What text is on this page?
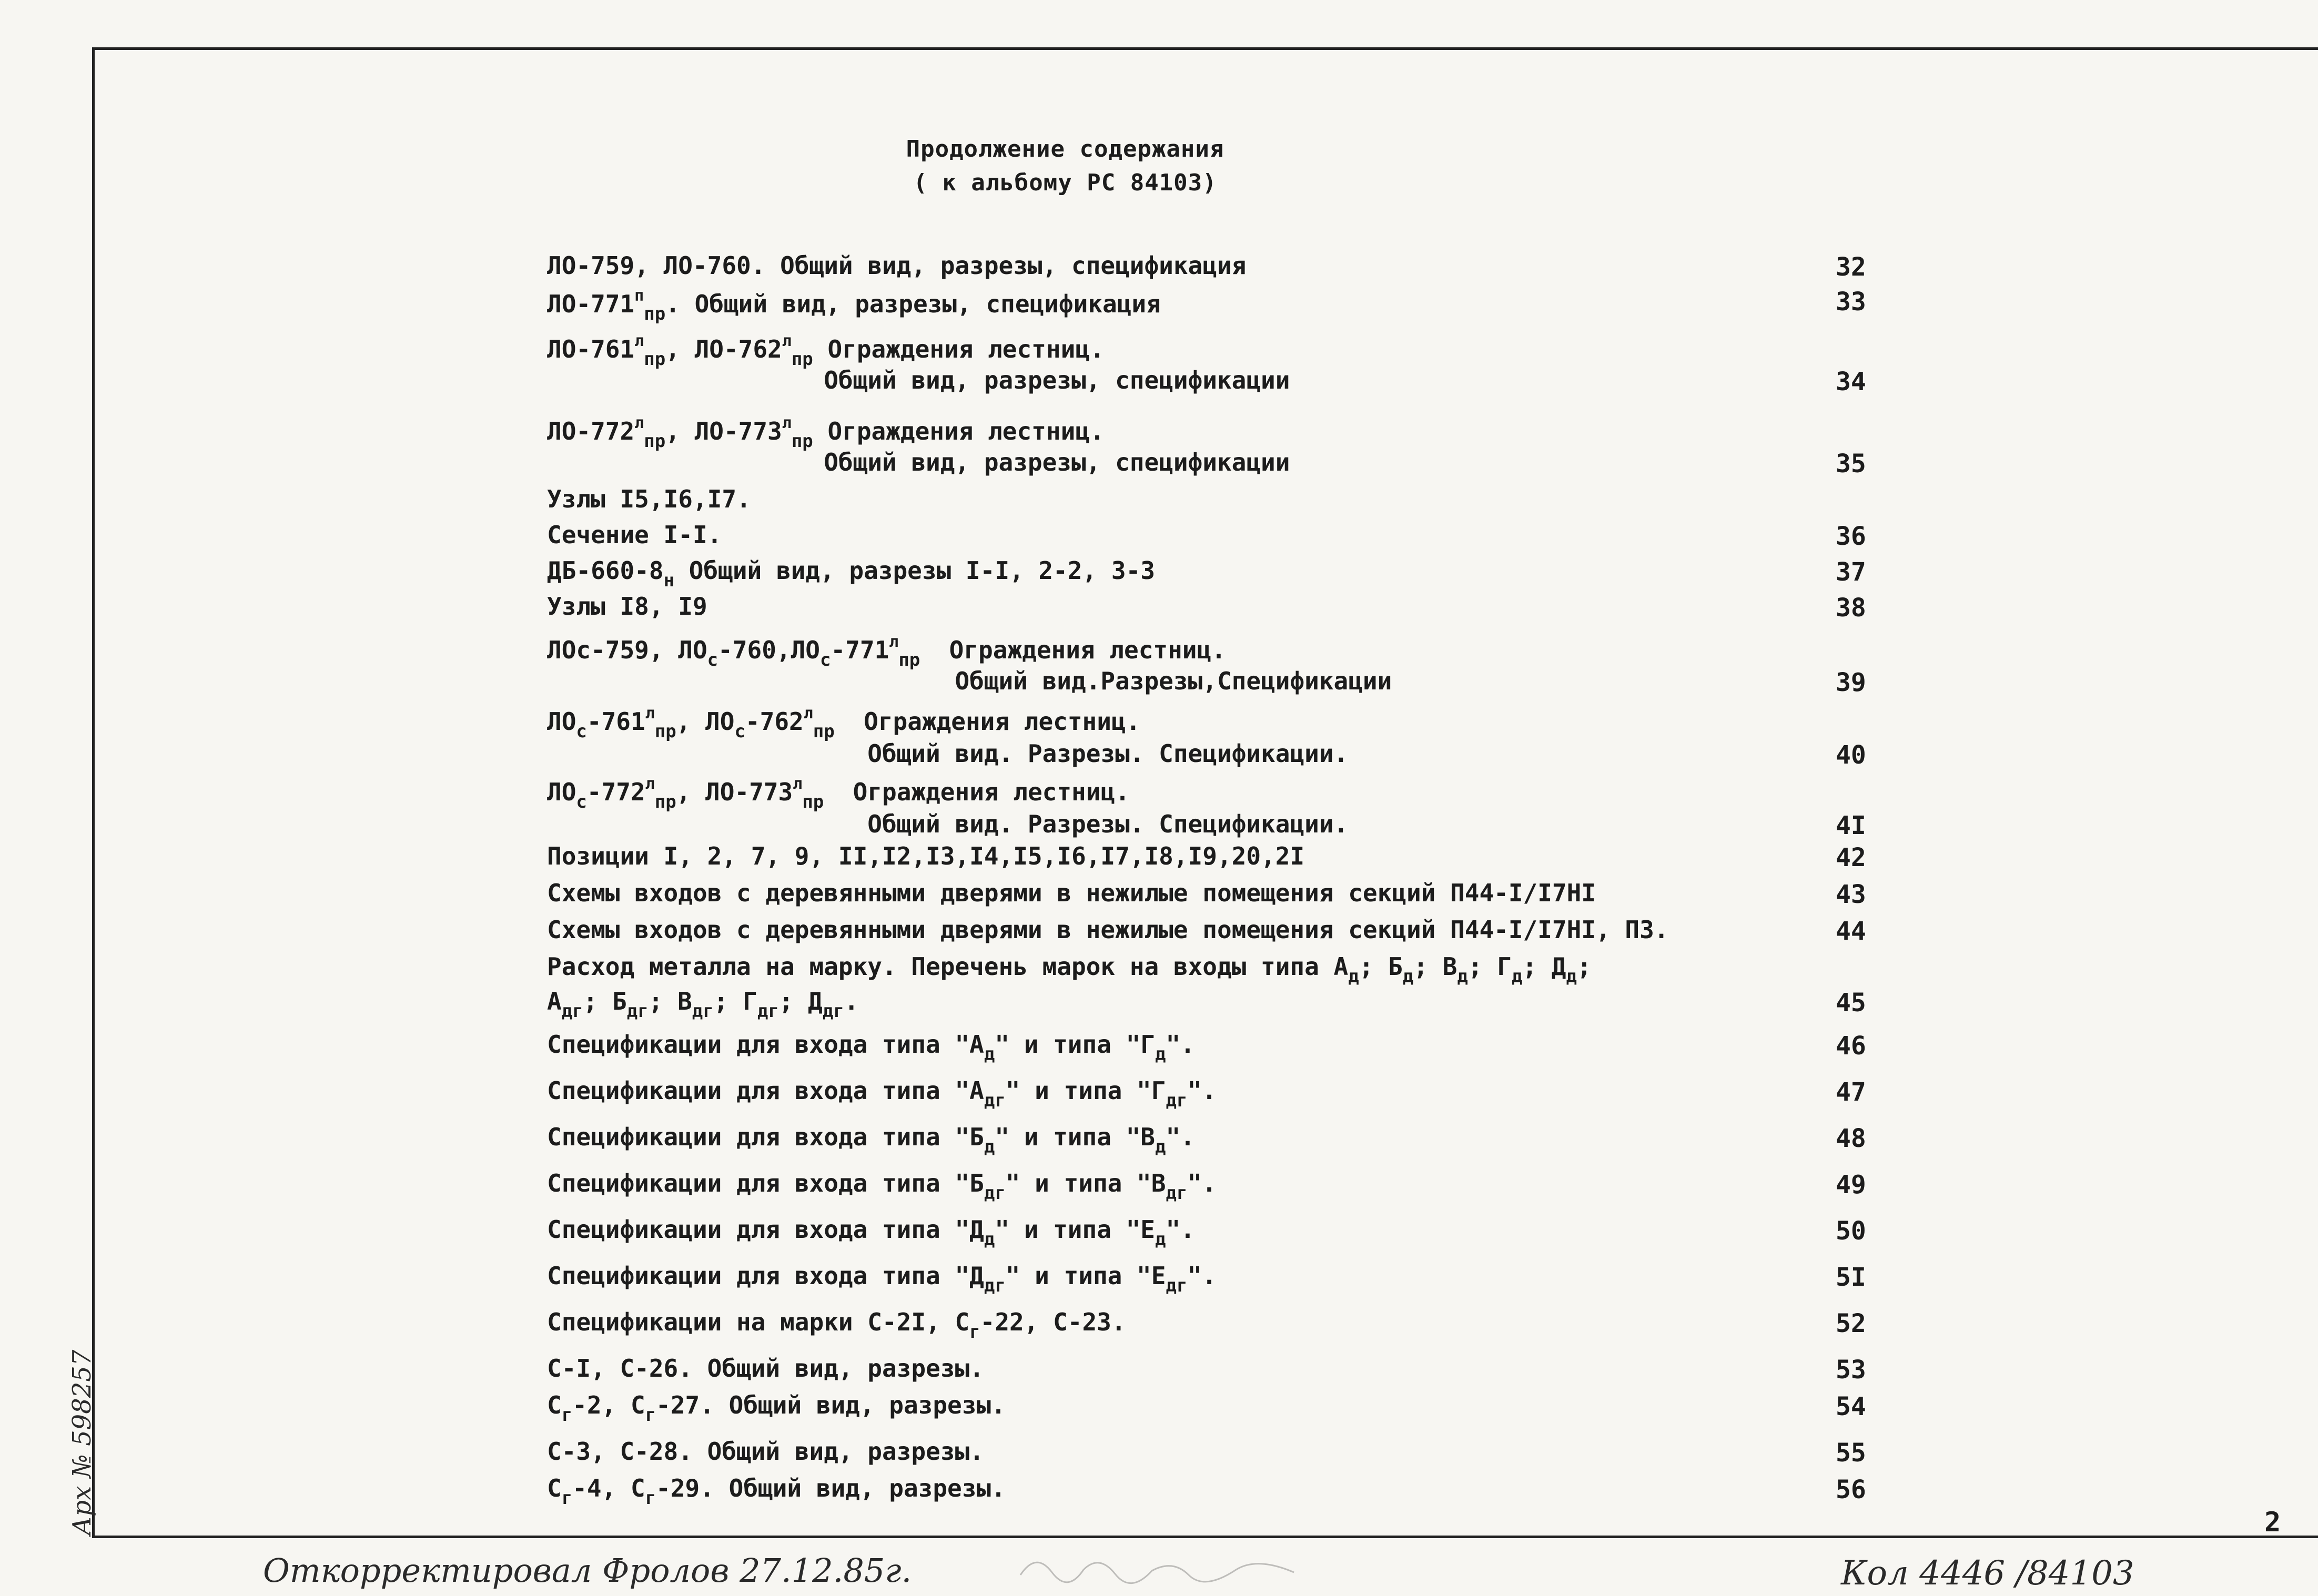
Продолжение содержания
( к альбому РС 84103)
ЛО-759, ЛО-760. Общий вид, разрезы, спецификация	32
$ЛО-771^п_{пр}$. Общий вид, разрезы, спецификация	33
$ЛО-761^л_{пр}$, $ЛО-762^л_{пр}$ Ограждения лестниц.
Общий вид, разрезы, спецификации	34
$ЛО-772^л_{пр}$, $ЛО-773^л_{пр}$ Ограждения лестниц.
Общий вид, разрезы, спецификации	35
Узлы I5,I6,I7.
Сечение I-I.	36
$ДБ-660-8_н$ Общий вид, разрезы I-I, 2-2, 3-3	37
Узлы I8, I9	38
ЛОс-759, $ЛО_с-760,ЛО_с-771^л_{пр}$  Ограждения лестниц.
Общий вид.Разрезы,Спецификации	39
$ЛО_с-761^л_{пр}$, $ЛО_с-762^л_{пр}$  Ограждения лестниц.
Общий вид. Разрезы. Спецификации.	40
$ЛО_с-772^л_{пр}$, $ЛО-773^л_{пр}$  Ограждения лестниц.
Общий вид. Разрезы. Спецификации.	4I
Позиции I, 2, 7, 9, II,I2,I3,I4,I5,I6,I7,I8,I9,20,2I	42
Схемы входов с деревянными дверями в нежилые помещения секций П44-I/I7HI	43
Схемы входов с деревянными дверями в нежилые помещения секций П44-I/I7HI, П3.	44
Расход металла на марку. Перечень марок на входы типа $А_д$; $Б_д$; $В_д$; $Г_д$; $Д_д$;
$А_{дг}$; $Б_{дг}$; $В_{дг}$; $Г_{дг}$; $Д_{дг}$.	45
Спецификации для входа типа "$А_д$" и типа "$Г_д$".	46
Спецификации для входа типа "$А_{дг}$" и типа "$Г_{дг}$".	47
Спецификации для входа типа "$Б_д$" и типа "$В_д$".	48
Спецификации для входа типа "$Б_{дг}$" и типа "$В_{дг}$".	49
Спецификации для входа типа "$Д_д$" и типа "$Е_д$".	50
Спецификации для входа типа "$Д_{дг}$" и типа "$Е_{дг}$".	5I
Спецификации на марки С-2I, $С_г-22$, С-23.	52
С-I, С-26. Общий вид, разрезы.	53
$С_г-2$, $С_г-27$. Общий вид, разрезы.	54
С-3, С-28. Общий вид, разрезы.	55
$С_г-4$, $С_г-29$. Общий вид, разрезы.	56
2
Арх № 598257
Откорректировал Фролов 27.12.85г.	Кол 4446 /84103
